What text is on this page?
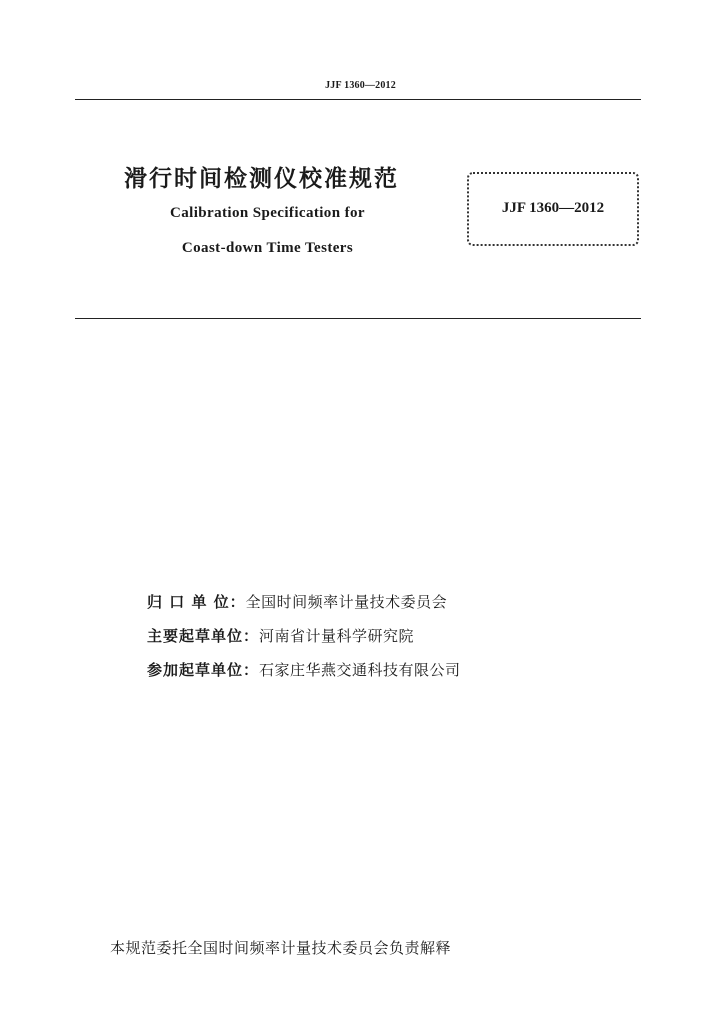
JJF 1360—2012
滑行时间检测仪校准规范
Calibration Specification for
Coast-down Time Testers
JJF 1360—2012
归 口 单 位： 全国时间频率计量技术委员会
主要起草单位： 河南省计量科学研究院
参加起草单位： 石家庄华燕交通科技有限公司
本规范委托全国时间频率计量技术委员会负责解释
